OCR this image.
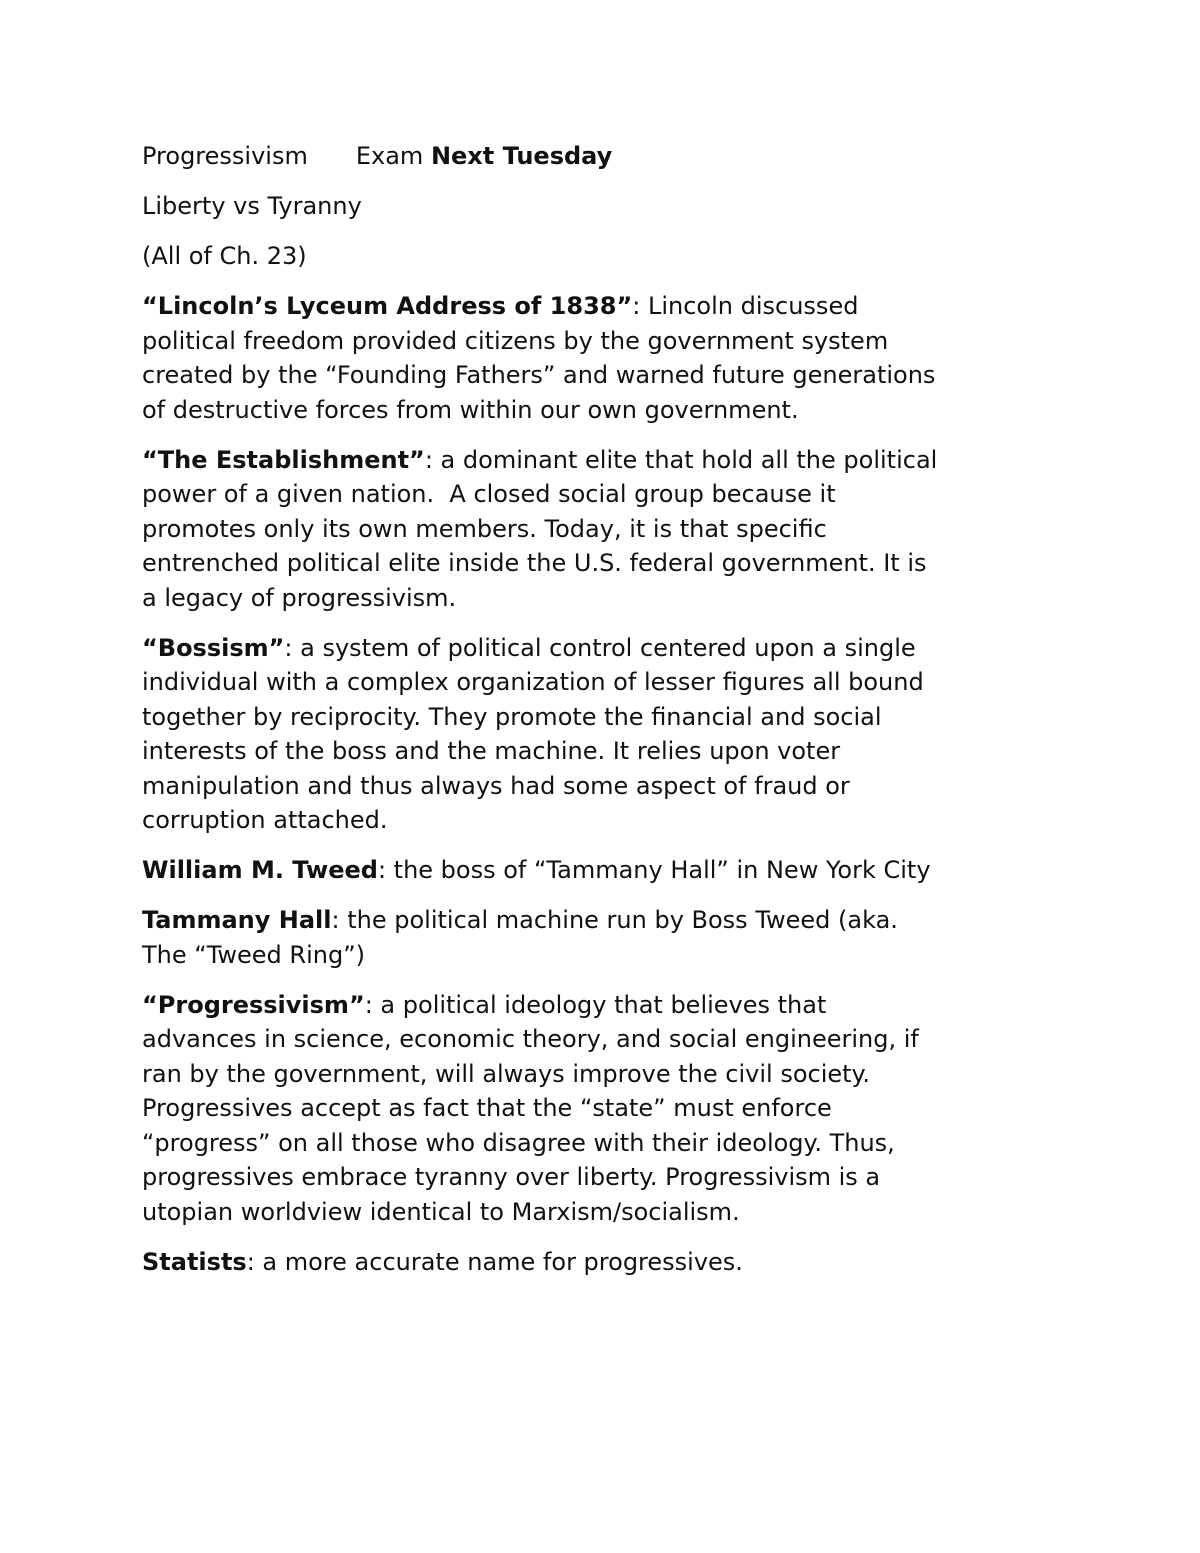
Progressivism Exam Next Tuesday

Liberty vs Tyranny

(All of Ch. 23)

“Lincoln’s Lyceum Address of 1838”: Lincoln discussed
political freedom provided citizens by the government system
created by the “Founding Fathers” and warned future generations
of destructive forces from within our own government.

“The Establishment”: a dominant elite that hold all the political
power of a given nation.  A closed social group because it
promotes only its own members. Today, it is that specific
entrenched political elite inside the U.S. federal government. It is
a legacy of progressivism.

“Bossism”: a system of political control centered upon a single
individual with a complex organization of lesser figures all bound
together by reciprocity. They promote the financial and social
interests of the boss and the machine. It relies upon voter
manipulation and thus always had some aspect of fraud or
corruption attached.

William M. Tweed: the boss of “Tammany Hall” in New York City

Tammany Hall: the political machine run by Boss Tweed (aka.
The “Tweed Ring”)

“Progressivism”: a political ideology that believes that
advances in science, economic theory, and social engineering, if
ran by the government, will always improve the civil society.
Progressives accept as fact that the “state” must enforce
“progress” on all those who disagree with their ideology. Thus,
progressives embrace tyranny over liberty. Progressivism is a
utopian worldview identical to Marxism/socialism.

Statists: a more accurate name for progressives.
